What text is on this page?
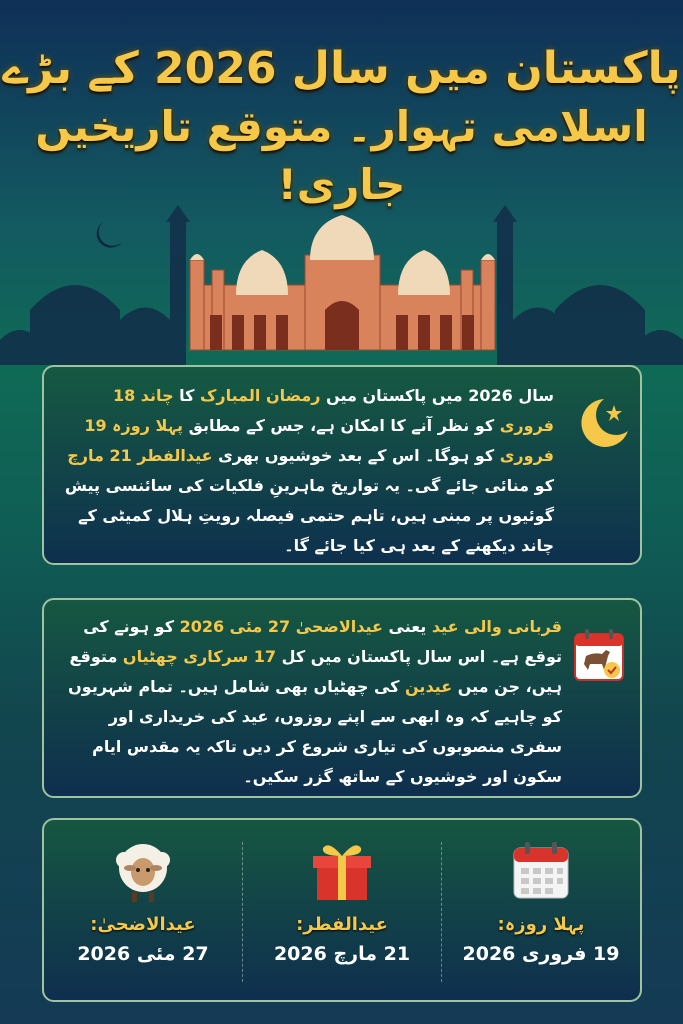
پاکستان میں سال 2026 کے بڑے
اسلامی تہوار۔ متوقع تاریخیں جاری!
سال 2026 میں پاکستان میں رمضان المبارک کا چاند 18 فروری کو نظر آنے کا امکان ہے، جس کے مطابق پہلا روزہ 19 فروری کو ہوگا۔ اس کے بعد خوشیوں بھری عیدالفطر 21 مارچ کو منائی جائے گی۔ یہ تواریخ ماہرینِ فلکیات کی سائنسی پیش گوئیوں پر مبنی ہیں، تاہم حتمی فیصلہ رویتِ ہلال کمیٹی کے چاند دیکھنے کے بعد ہی کیا جائے گا۔
قربانی والی عید یعنی عیدالاضحیٰ 27 مئی 2026 کو ہونے کی توقع ہے۔ اس سال پاکستان میں کل 17 سرکاری چھٹیاں متوقع ہیں، جن میں عیدین کی چھٹیاں بھی شامل ہیں۔ تمام شہریوں کو چاہیے کہ وہ ابھی سے اپنے روزوں، عید کی خریداری اور سفری منصوبوں کی تیاری شروع کر دیں تاکہ یہ مقدس ایام سکون اور خوشیوں کے ساتھ گزر سکیں۔
عیدالاضحیٰ:
27 مئی 2026
عیدالفطر:
21 مارچ 2026
پہلا روزہ:
19 فروری 2026
